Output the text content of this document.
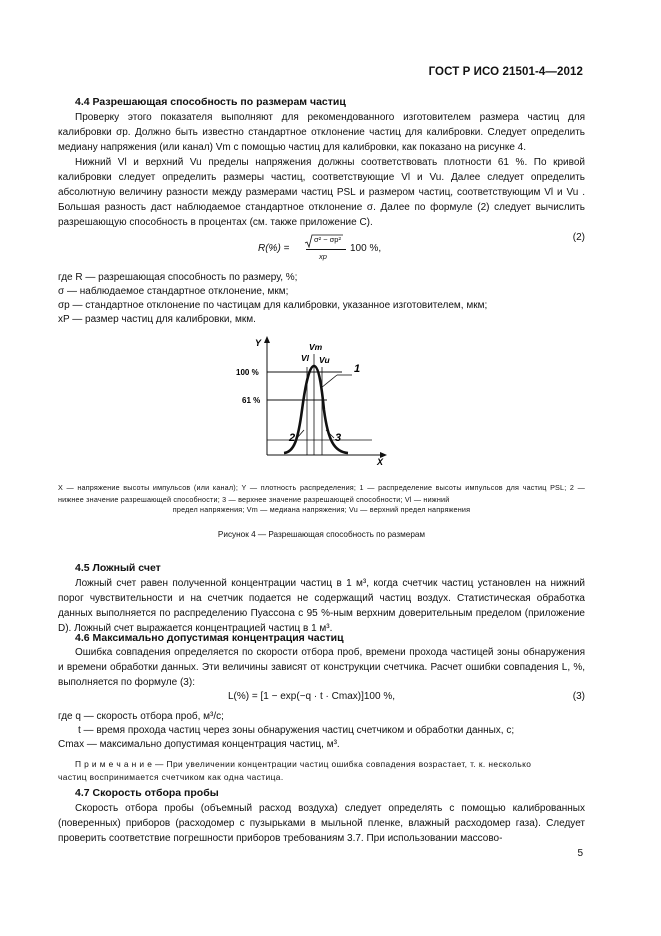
ГОСТ Р ИСО 21501-4—2012
4.4 Разрешающая способность по размерам частиц
Проверку этого показателя выполняют для рекомендованного изготовителем размера частиц для калибровки σp. Должно быть известно стандартное отклонение частиц для калибровки. Следует определить медиану напряжения (или канал) Vm с помощью частиц для калибровки, как показано на рисунке 4.
Нижний Vl и верхний Vu пределы напряжения должны соответствовать плотности 61 %. По кривой калибровки следует определить размеры частиц, соответствующие Vl и Vu. Далее следует определить абсолютную величину разности между размерами частиц PSL и размером частиц, соответствующим Vl и Vu . Большая разность даст наблюдаемое стандартное отклонение σ. Далее по формуле (2) следует вычислить разрешающую способность в процентах (см. также приложение С).
R(%) =
σ² − σp²
xp
100 %,
(2)
где R — разрешающая способность по размеру, %;
σ — наблюдаемое стандартное отклонение, мкм;
σp — стандартное отклонение по частицам для калибровки, указанное изготовителем, мкм;
xP — размер частиц для калибровки, мкм.
Y
X
100 %
61 %
Vm
Vl Vu
1
2	3
X — напряжение высоты импульсов (или канал); Y — плотность распределения; 1 — распределение высоты импульсов для частиц PSL; 2 — нижнее значение разрешающей способности; 3 — верхнее значение разрешающей способности; Vl — нижний
предел напряжения; Vm — медиана напряжения; Vu — верхний предел напряжения
Рисунок 4 — Разрешающая способность по размерам
4.5 Ложный счет
Ложный счет равен полученной концентрации частиц в 1 м³, когда счетчик частиц установлен на нижний порог чувствительности и на счетчик подается не содержащий частиц воздух. Статистическая обработка данных выполняется по распределению Пуассона с 95 %-ным верхним доверительным пределом (приложение D). Ложный счет выражается концентрацией частиц в 1 м³.
4.6 Максимально допустимая концентрация частиц
Ошибка совпадения определяется по скорости отбора проб, времени прохода частицей зоны обнаружения и времени обработки данных. Эти величины зависят от конструкции счетчика. Расчет ошибки совпадения L, %, выполняется по формуле (3):
L(%) = [1 − exp(−q · t · Cmax)]100 %,	(3)
где q — скорость отбора проб, м³/с;
t — время прохода частиц через зоны обнаружения частиц счетчиком и обработки данных, с;
Cmax — максимально допустимая концентрация частиц, м³.
П р и м е ч а н и е — При увеличении концентрации частиц ошибка совпадения возрастает, т. к. несколько
частиц воспринимается счетчиком как одна частица.
4.7 Скорость отбора пробы
Скорость отбора пробы (объемный расход воздуха) следует определять с помощью калиброванных (поверенных) приборов (расходомер с пузырьками в мыльной пленке, влажный расходомер газа). Следует проверить соответствие погрешности приборов требованиям 3.7. При использовании массово-
5
